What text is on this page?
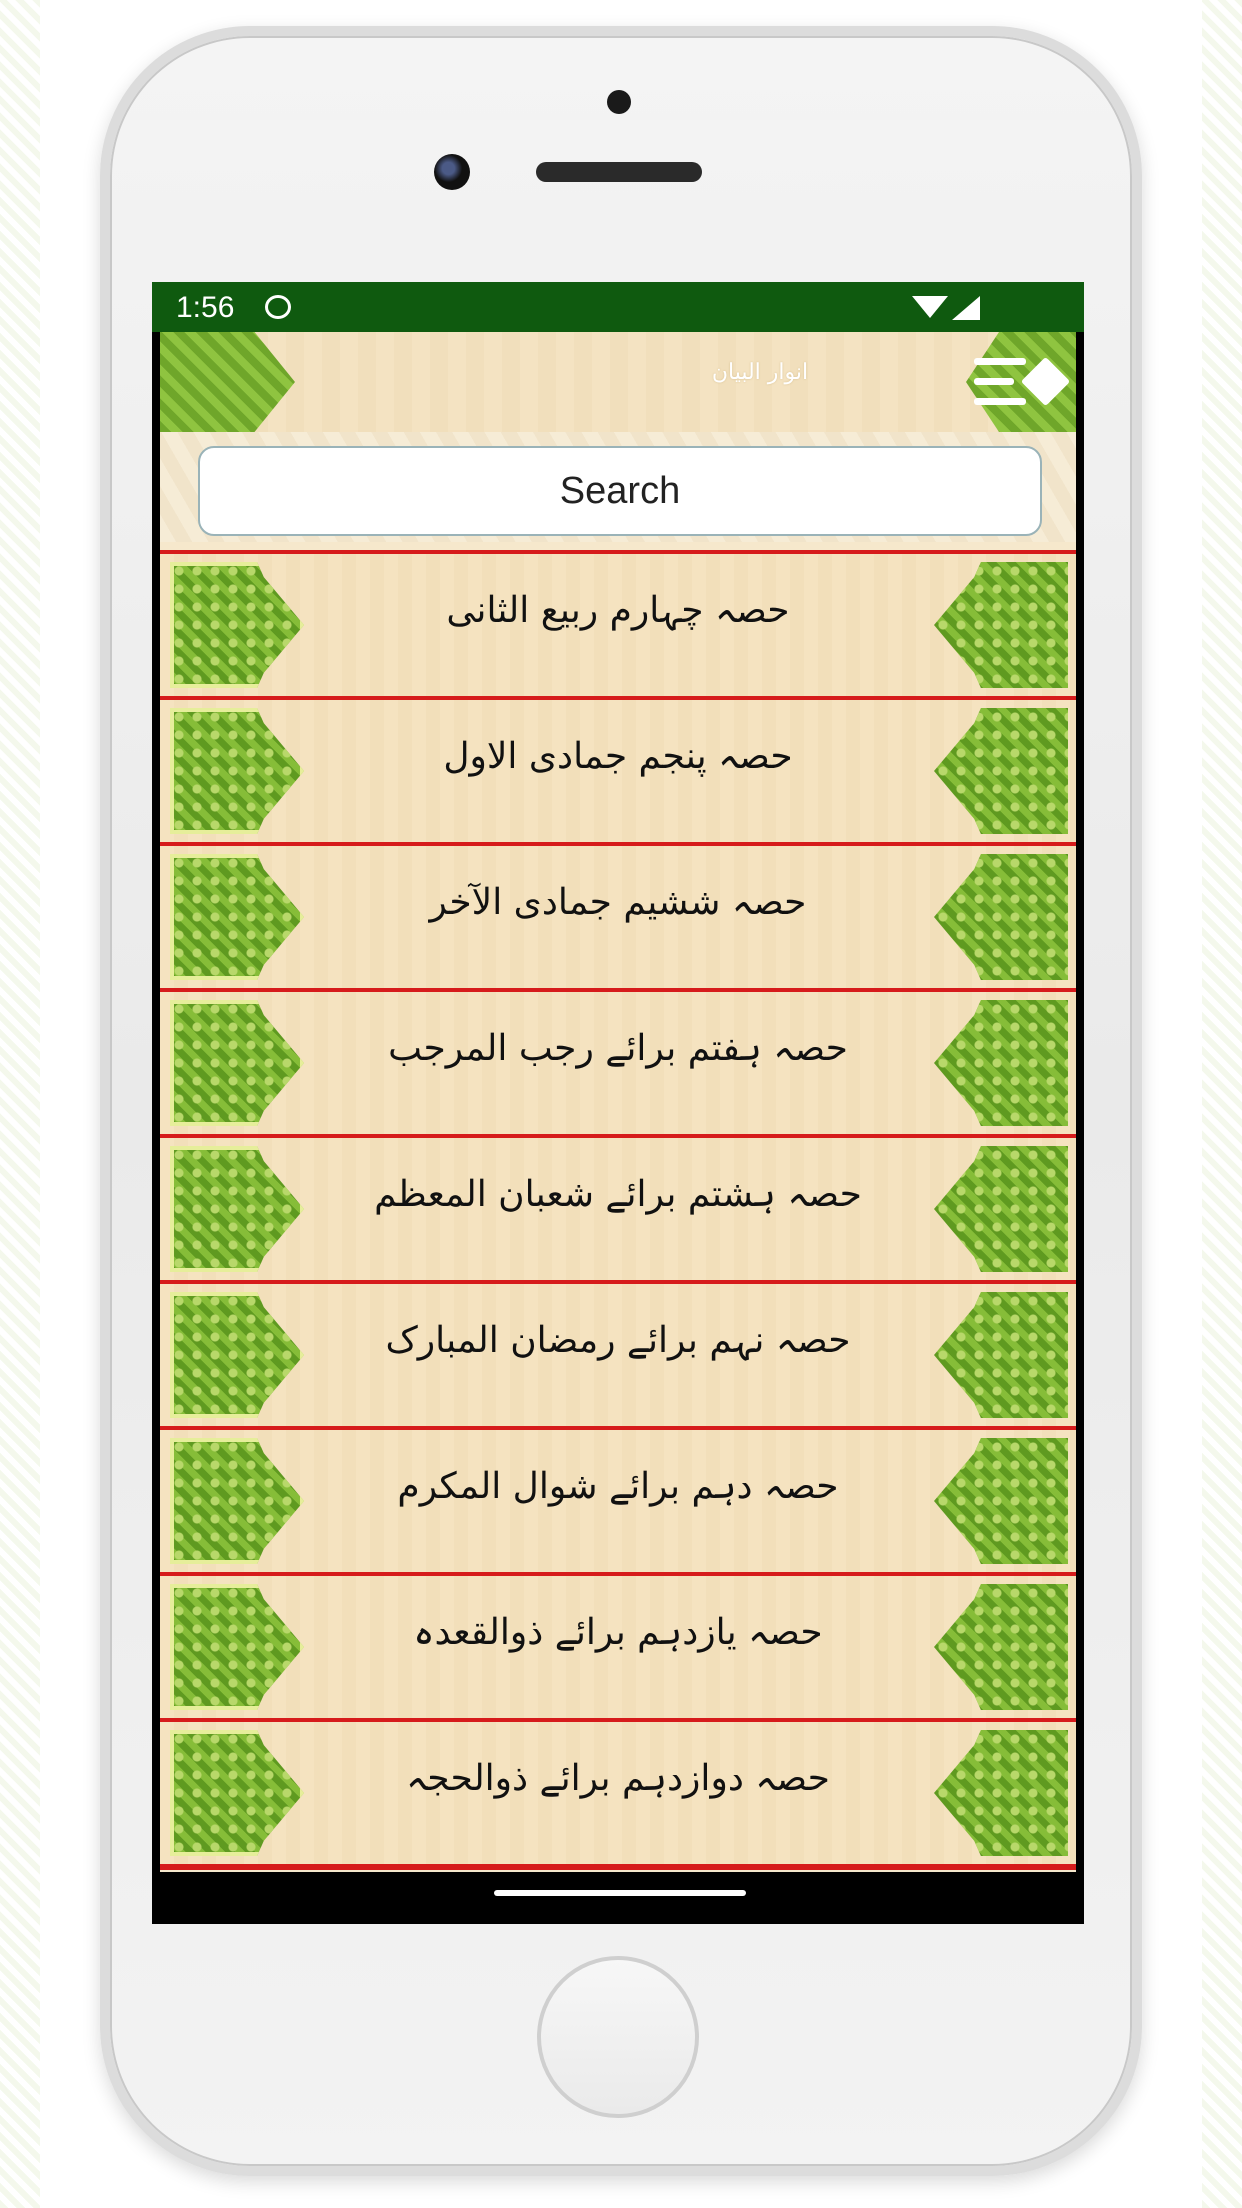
1:56
انوار البیان
Search
حصہ چہارم ربیع الثانی
حصہ پنجم جمادی الاول
حصہ ششیم جمادی الآخر
حصہ ہفتم برائے رجب المرجب
حصہ ہشتم برائے شعبان المعظم
حصہ نہم برائے رمضان المبارک
حصہ دہم برائے شوال المکرم
حصہ یازدہم برائے ذوالقعدہ
حصہ دوازدہم برائے ذوالحجہ
